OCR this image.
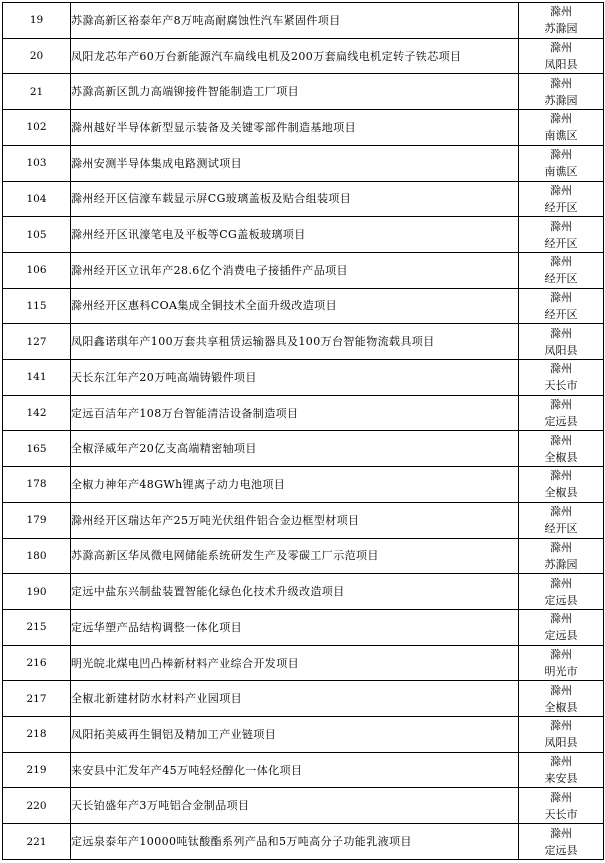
19	苏滁高新区裕泰年产8万吨高耐腐蚀性汽车紧固件项目	滁州
苏滁园

20	凤阳龙芯年产60万台新能源汽车扁线电机及200万套扁线电机定转子铁芯项目	滁州
凤阳县

21	苏滁高新区凯力高端铆接件智能制造工厂项目	滁州
苏滁园

102	滁州越好半导体新型显示装备及关键零部件制造基地项目	滁州
南谯区

103	滁州安测半导体集成电路测试项目	滁州
南谯区

104	滁州经开区信濠车载显示屏CG玻璃盖板及贴合组装项目	滁州
经开区

105	滁州经开区讯濠笔电及平板等CG盖板玻璃项目	滁州
经开区

106	滁州经开区立讯年产28.6亿个消费电子接插件产品项目	滁州
经开区

115	滁州经开区惠科COA集成全铜技术全面升级改造项目	滁州
经开区

127	凤阳鑫诺琪年产100万套共享租赁运输器具及100万台智能物流载具项目	滁州
凤阳县

141	天长东江年产20万吨高端铸锻件项目	滁州
天长市

142	定远百洁年产108万台智能清洁设备制造项目	滁州
定远县

165	全椒泽威年产20亿支高端精密轴项目	滁州
全椒县

178	全椒力神年产48GWh锂离子动力电池项目	滁州
全椒县

179	滁州经开区瑞达年产25万吨光伏组件铝合金边框型材项目	滁州
经开区

180	苏滁高新区华凤微电网储能系统研发生产及零碳工厂示范项目	滁州
苏滁园

190	定远中盐东兴制盐装置智能化绿色化技术升级改造项目	滁州
定远县

215	定远华塑产品结构调整一体化项目	滁州
定远县

216	明光皖北煤电凹凸棒新材料产业综合开发项目	滁州
明光市

217	全椒北新建材防水材料产业园项目	滁州
全椒县

218	凤阳拓美威再生铜铝及精加工产业链项目	滁州
凤阳县

219	来安县中汇发年产45万吨轻烃醇化一体化项目	滁州
来安县

220	天长铂盛年产3万吨铝合金制品项目	滁州
天长市

221	定远泉泰年产10000吨钛酸酯系列产品和5万吨高分子功能乳液项目	滁州
定远县
